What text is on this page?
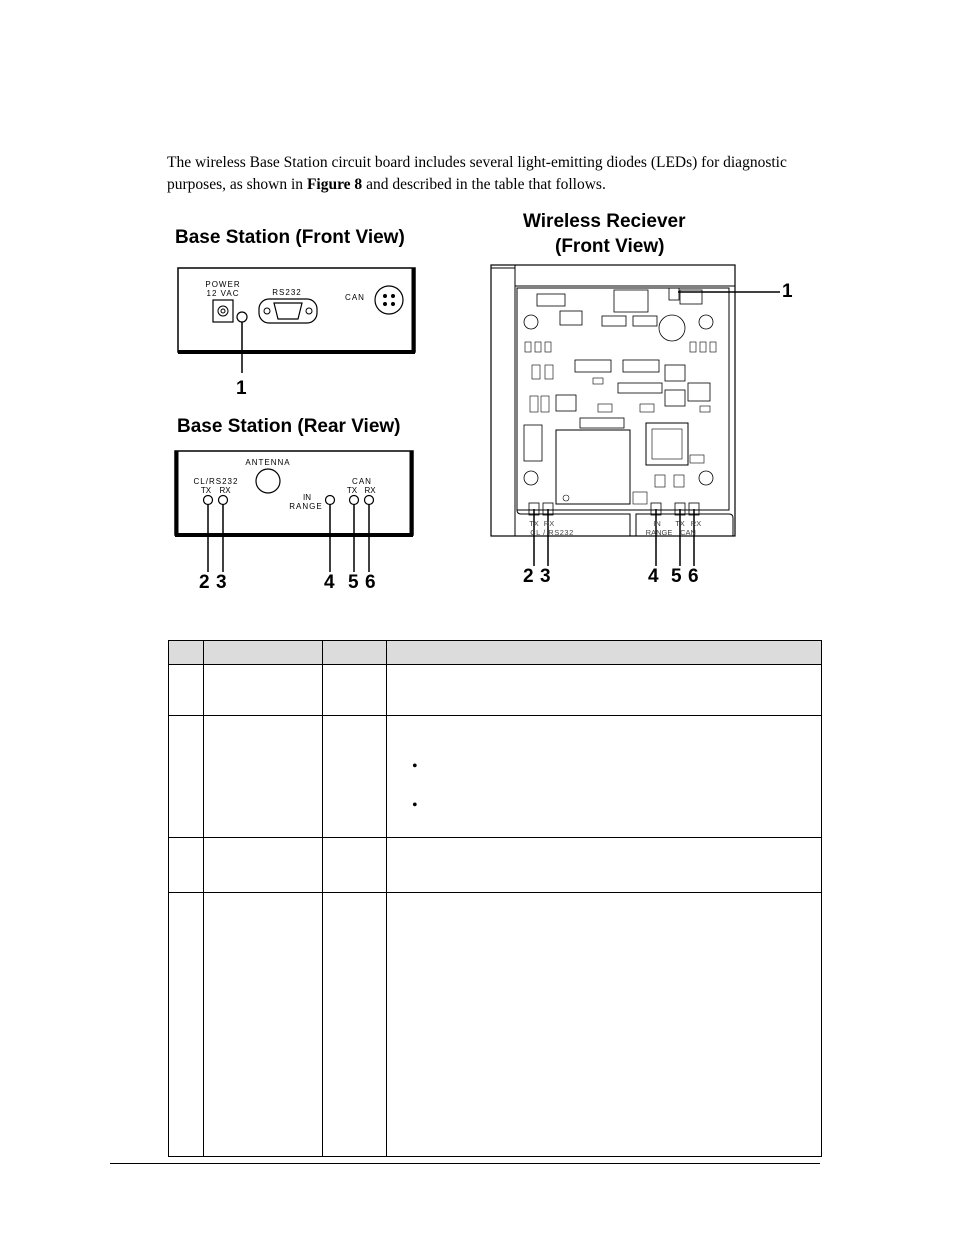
The wireless Base Station circuit board includes several light-emitting diodes (LEDs) for diagnostic purposes, as shown in Figure 8 and described in the table that follows.
Base Station (Front View)
Base Station (Rear View)
Wireless Reciever
(Front View)
1
2 3	4 5 6
1
2 3	4 5 6
POWER
12 VAC	RS232
CAN
ANTENNA
CL/RS232
TX RX
IN
RANGE
CAN
TX RX
TX RX
CL / RS232
IN
RANGE
TX RX
CAN

			•
•
